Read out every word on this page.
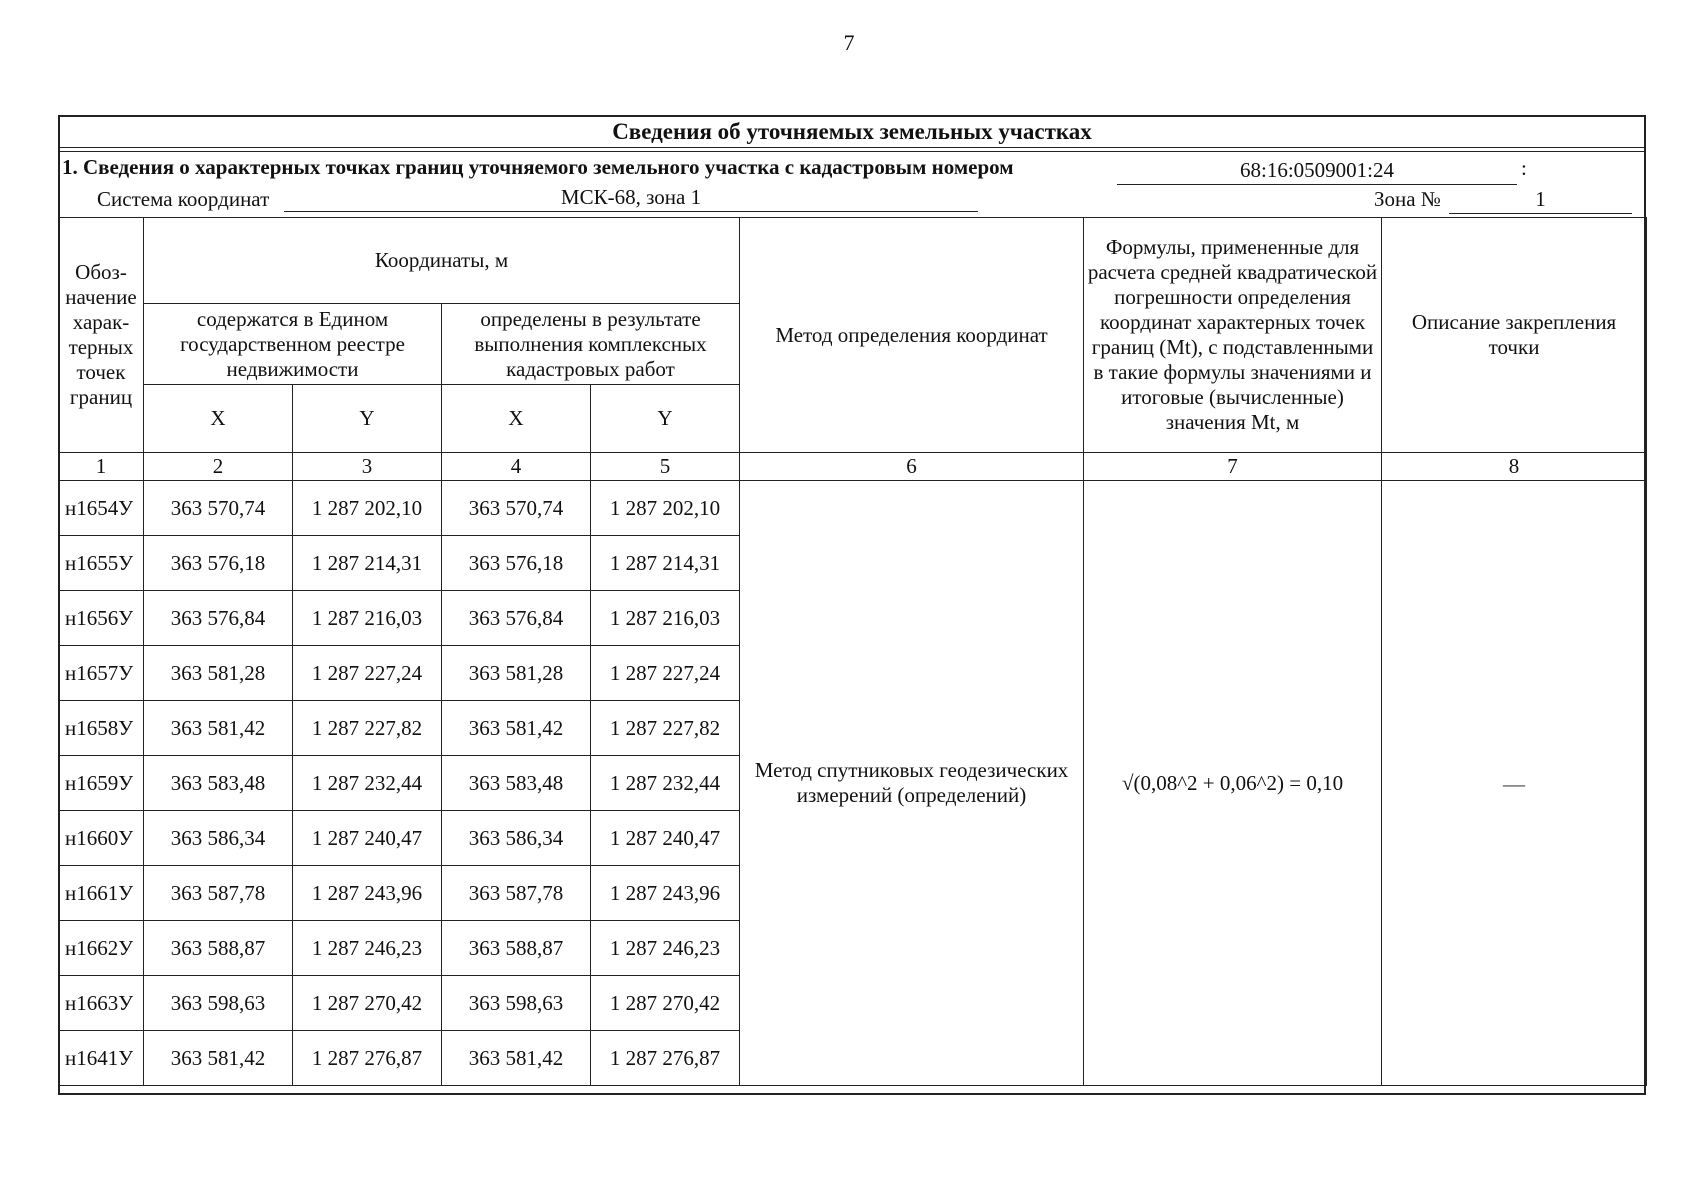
7
Сведения об уточняемых земельных участках
1. Сведения о характерных точках границ уточняемого земельного участка с кадастровым номером	68:16:0509001:24	:
Система координат	МСК-68, зона 1	Зона №	1
Обоз-начение харак-терных точек границ	Координаты, м				Метод определения координат	Формулы, примененные для расчета средней квадратической погрешности определения координат характерных точек границ (Mt), с подставленными в такие формулы значениями и итоговые (вычисленные) значения Mt, м	Описание закрепления точки
	содержатся в Едином государственном реестре недвижимости		определены в результате выполнения комплексных кадастровых работ				
	X	Y	X	Y			
1	2	3	4	5	6	7	8
н1654У	363 570,74	1 287 202,10	363 570,74	1 287 202,10	Метод спутниковых геодезических измерений (определений)	√(0,08^2 + 0,06^2) = 0,10	—
н1655У	363 576,18	1 287 214,31	363 576,18	1 287 214,31			
н1656У	363 576,84	1 287 216,03	363 576,84	1 287 216,03			
н1657У	363 581,28	1 287 227,24	363 581,28	1 287 227,24			
н1658У	363 581,42	1 287 227,82	363 581,42	1 287 227,82			
н1659У	363 583,48	1 287 232,44	363 583,48	1 287 232,44			
н1660У	363 586,34	1 287 240,47	363 586,34	1 287 240,47			
н1661У	363 587,78	1 287 243,96	363 587,78	1 287 243,96			
н1662У	363 588,87	1 287 246,23	363 588,87	1 287 246,23			
н1663У	363 598,63	1 287 270,42	363 598,63	1 287 270,42			
н1641У	363 581,42	1 287 276,87	363 581,42	1 287 276,87			
